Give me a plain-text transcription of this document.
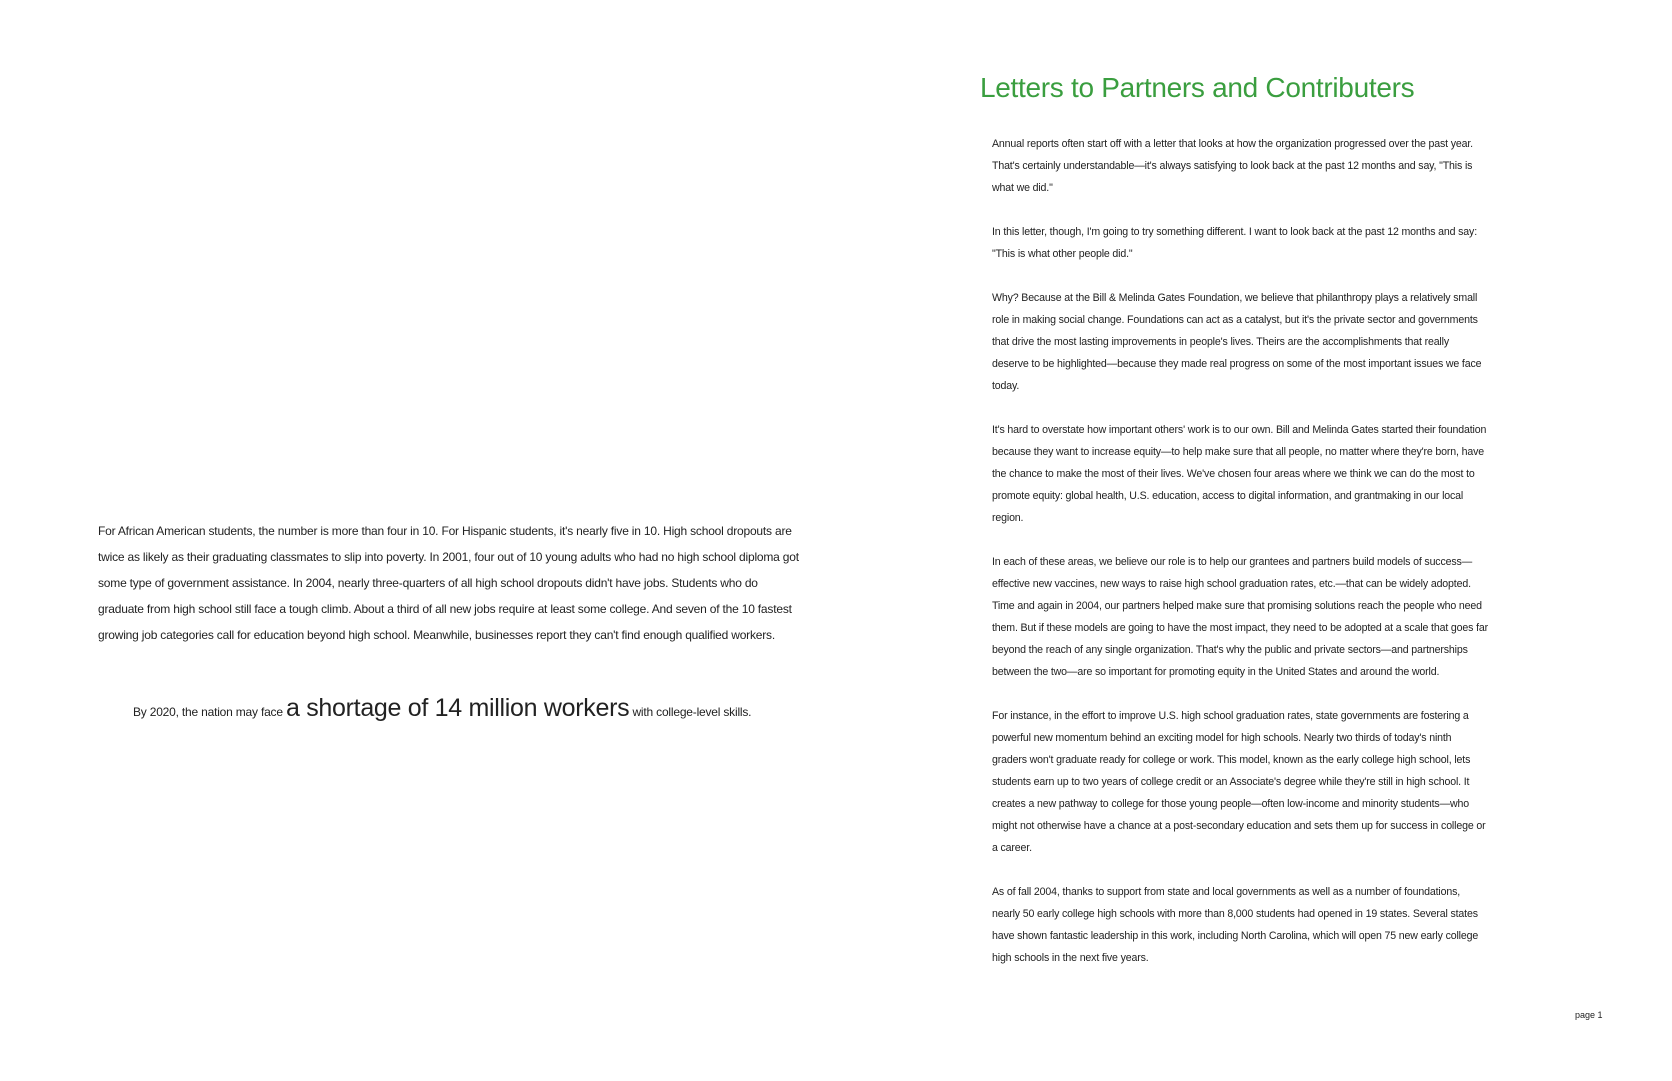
For African American students, the number is more than four in 10. For Hispanic students, it's nearly five in 10. High school dropouts are twice as likely as their graduating classmates to slip into poverty. In 2001, four out of 10 young adults who had no high school diploma got some type of government assistance. In 2004, nearly three-quarters of all high school dropouts didn't have jobs. Students who do graduate from high school still face a tough climb. About a third of all new jobs require at least some college. And seven of the 10 fastest growing job categories call for education beyond high school. Meanwhile, businesses report they can't find enough qualified workers.

By 2020, the nation may face a shortage of 14 million workers with college-level skills.

Letters to Partners and Contributers

Annual reports often start off with a letter that looks at how the organization progressed over the past year. That's certainly understandable—it's always satisfying to look back at the past 12 months and say, "This is what we did."

In this letter, though, I'm going to try something different. I want to look back at the past 12 months and say: "This is what other people did."

Why? Because at the Bill & Melinda Gates Foundation, we believe that philanthropy plays a relatively small role in making social change. Foundations can act as a catalyst, but it's the private sector and governments that drive the most lasting improvements in people's lives. Theirs are the accomplishments that really deserve to be highlighted—because they made real progress on some of the most important issues we face today.

It's hard to overstate how important others' work is to our own. Bill and Melinda Gates started their foundation because they want to increase equity—to help make sure that all people, no matter where they're born, have the chance to make the most of their lives. We've chosen four areas where we think we can do the most to promote equity: global health, U.S. education, access to digital information, and grantmaking in our local region.

In each of these areas, we believe our role is to help our grantees and partners build models of success—effective new vaccines, new ways to raise high school graduation rates, etc.—that can be widely adopted. Time and again in 2004, our partners helped make sure that promising solutions reach the people who need them. But if these models are going to have the most impact, they need to be adopted at a scale that goes far beyond the reach of any single organization. That's why the public and private sectors—and partnerships between the two—are so important for promoting equity in the United States and around the world.

For instance, in the effort to improve U.S. high school graduation rates, state governments are fostering a powerful new momentum behind an exciting model for high schools. Nearly two thirds of today's ninth graders won't graduate ready for college or work. This model, known as the early college high school, lets students earn up to two years of college credit or an Associate's degree while they're still in high school. It creates a new pathway to college for those young people—often low-income and minority students—who might not otherwise have a chance at a post-secondary education and sets them up for success in college or a career.

As of fall 2004, thanks to support from state and local governments as well as a number of foundations, nearly 50 early college high schools with more than 8,000 students had opened in 19 states. Several states have shown fantastic leadership in this work, including North Carolina, which will open 75 new early college high schools in the next five years.

page 1
